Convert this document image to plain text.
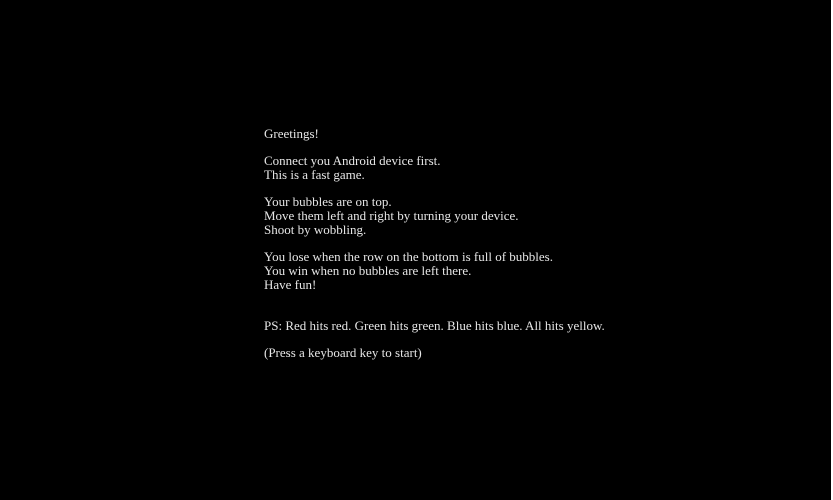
Greetings!
Connect you Android device first.
This is a fast game.
Your bubbles are on top.
Move them left and right by turning your device.
Shoot by wobbling.
You lose when the row on the bottom is full of bubbles.
You win when no bubbles are left there.
Have fun!
PS: Red hits red. Green hits green. Blue hits blue. All hits yellow.
(Press a keyboard key to start)
